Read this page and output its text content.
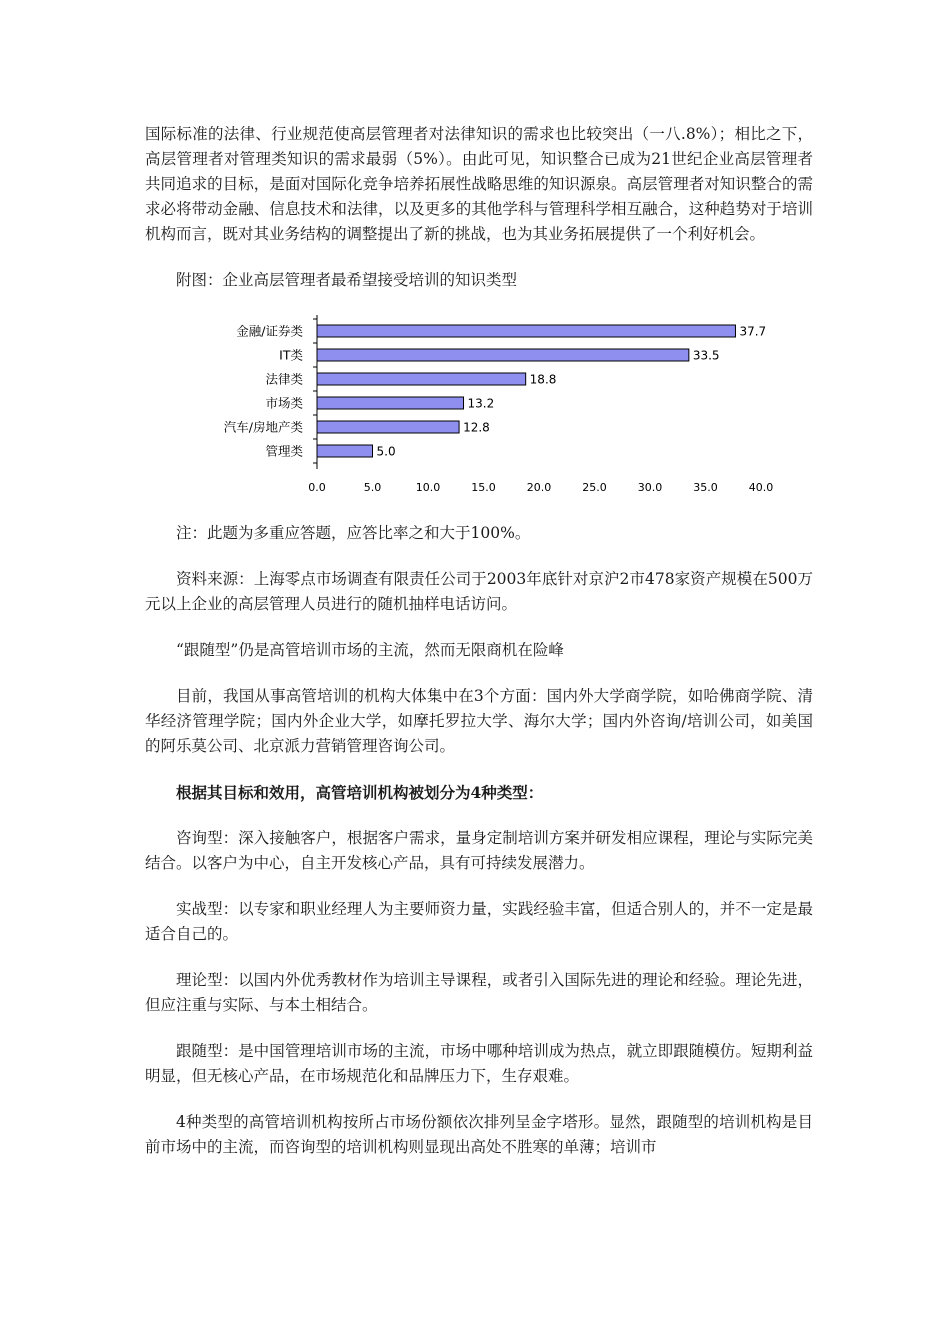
国际标准的法律、行业规范使高层管理者对法律知识的需求也比较突出（一八.8%）；相比之下，高层管理者对管理类知识的需求最弱（5%）。由此可见，知识整合已成为21世纪企业高层管理者共同追求的目标，是面对国际化竞争培养拓展性战略思维的知识源泉。高层管理者对知识整合的需求必将带动金融、信息技术和法律，以及更多的其他学科与管理科学相互融合，这种趋势对于培训机构而言，既对其业务结构的调整提出了新的挑战，也为其业务拓展提供了一个利好机会。

附图：企业高层管理者最希望接受培训的知识类型

金融/证券类	37.7
IT类	33.5
法律类	18.8
市场类	13.2
汽车/房地产类	12.8
管理类	5.0
0.0	5.0	10.0	15.0	20.0	25.0	30.0	35.0	40.0

注：此题为多重应答题，应答比率之和大于100%。

资料来源：上海零点市场调查有限责任公司于2003年底针对京沪2市478家资产规模在500万元以上企业的高层管理人员进行的随机抽样电话访问。

“跟随型”仍是高管培训市场的主流，然而无限商机在险峰

目前，我国从事高管培训的机构大体集中在3个方面：国内外大学商学院，如哈佛商学院、清华经济管理学院；国内外企业大学，如摩托罗拉大学、海尔大学；国内外咨询/培训公司，如美国的阿乐莫公司、北京派力营销管理咨询公司。

根据其目标和效用，高管培训机构被划分为4种类型：

咨询型：深入接触客户，根据客户需求，量身定制培训方案并研发相应课程，理论与实际完美结合。以客户为中心，自主开发核心产品，具有可持续发展潜力。

实战型：以专家和职业经理人为主要师资力量，实践经验丰富，但适合别人的，并不一定是最适合自己的。

理论型：以国内外优秀教材作为培训主导课程，或者引入国际先进的理论和经验。理论先进，但应注重与实际、与本土相结合。

跟随型：是中国管理培训市场的主流，市场中哪种培训成为热点，就立即跟随模仿。短期利益明显，但无核心产品，在市场规范化和品牌压力下，生存艰难。

4种类型的高管培训机构按所占市场份额依次排列呈金字塔形。显然，跟随型的培训机构是目前市场中的主流，而咨询型的培训机构则显现出高处不胜寒的单薄；培训市
